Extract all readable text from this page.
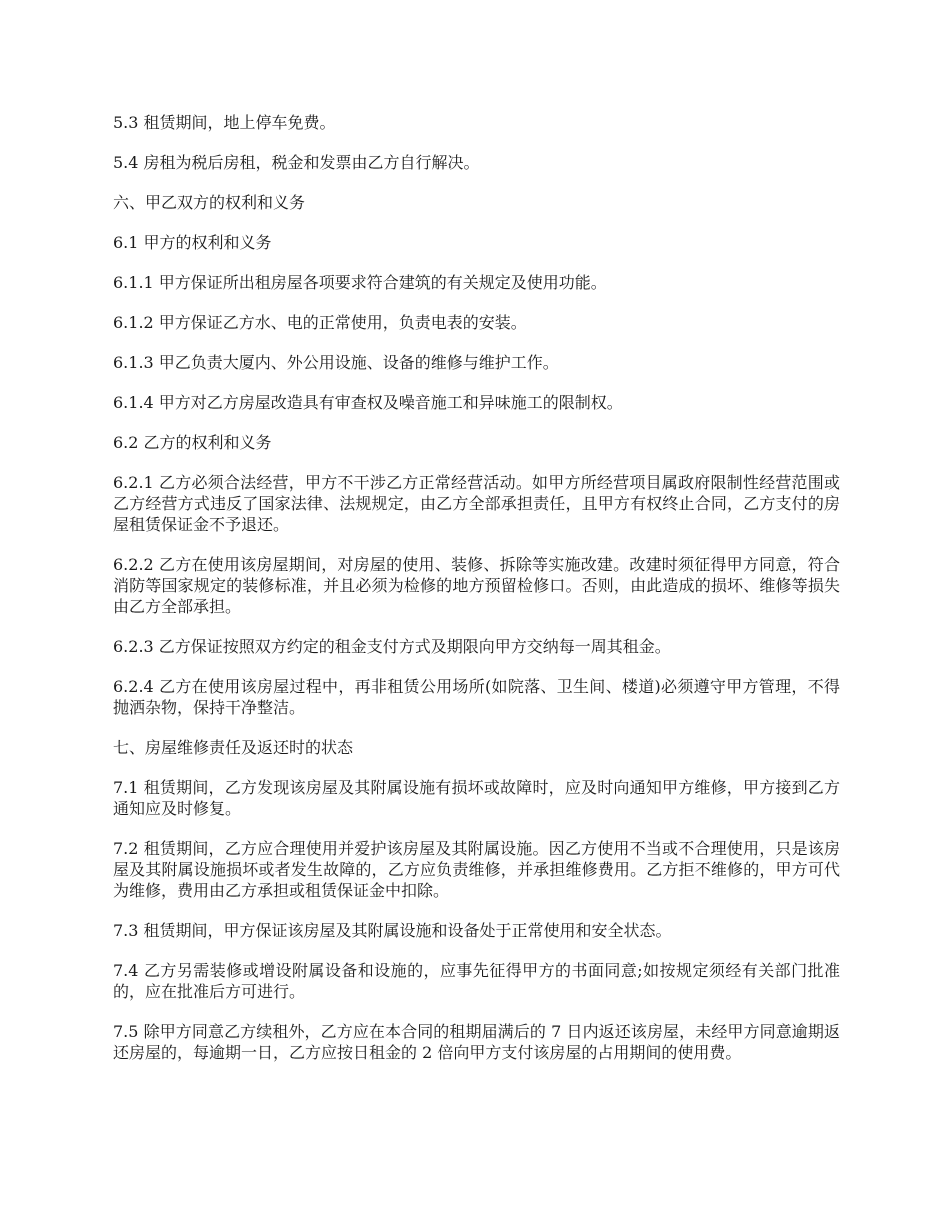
5.3 租赁期间，地上停车免费。

5.4 房租为税后房租，税金和发票由乙方自行解决。

六、甲乙双方的权利和义务

6.1 甲方的权利和义务

6.1.1 甲方保证所出租房屋各项要求符合建筑的有关规定及使用功能。

6.1.2 甲方保证乙方水、电的正常使用，负责电表的安装。

6.1.3 甲乙负责大厦内、外公用设施、设备的维修与维护工作。

6.1.4 甲方对乙方房屋改造具有审查权及噪音施工和异味施工的限制权。

6.2 乙方的权利和义务

6.2.1 乙方必须合法经营，甲方不干涉乙方正常经营活动。如甲方所经营项目属政府限制性经营范围或乙方经营方式违反了国家法律、法规规定，由乙方全部承担责任，且甲方有权终止合同，乙方支付的房屋租赁保证金不予退还。

6.2.2 乙方在使用该房屋期间，对房屋的使用、装修、拆除等实施改建。改建时须征得甲方同意，符合消防等国家规定的装修标准，并且必须为检修的地方预留检修口。否则，由此造成的损坏、维修等损失由乙方全部承担。

6.2.3 乙方保证按照双方约定的租金支付方式及期限向甲方交纳每一周其租金。

6.2.4 乙方在使用该房屋过程中，再非租赁公用场所(如院落、卫生间、楼道)必须遵守甲方管理，不得抛洒杂物，保持干净整洁。

七、房屋维修责任及返还时的状态

7.1 租赁期间，乙方发现该房屋及其附属设施有损坏或故障时，应及时向通知甲方维修，甲方接到乙方通知应及时修复。

7.2 租赁期间，乙方应合理使用并爱护该房屋及其附属设施。因乙方使用不当或不合理使用，只是该房屋及其附属设施损坏或者发生故障的，乙方应负责维修，并承担维修费用。乙方拒不维修的，甲方可代为维修，费用由乙方承担或租赁保证金中扣除。

7.3 租赁期间，甲方保证该房屋及其附属设施和设备处于正常使用和安全状态。

7.4 乙方另需装修或增设附属设备和设施的，应事先征得甲方的书面同意;如按规定须经有关部门批准的，应在批准后方可进行。

7.5 除甲方同意乙方续租外，乙方应在本合同的租期届满后的 7 日内返还该房屋，未经甲方同意逾期返还房屋的，每逾期一日，乙方应按日租金的 2 倍向甲方支付该房屋的占用期间的使用费。
